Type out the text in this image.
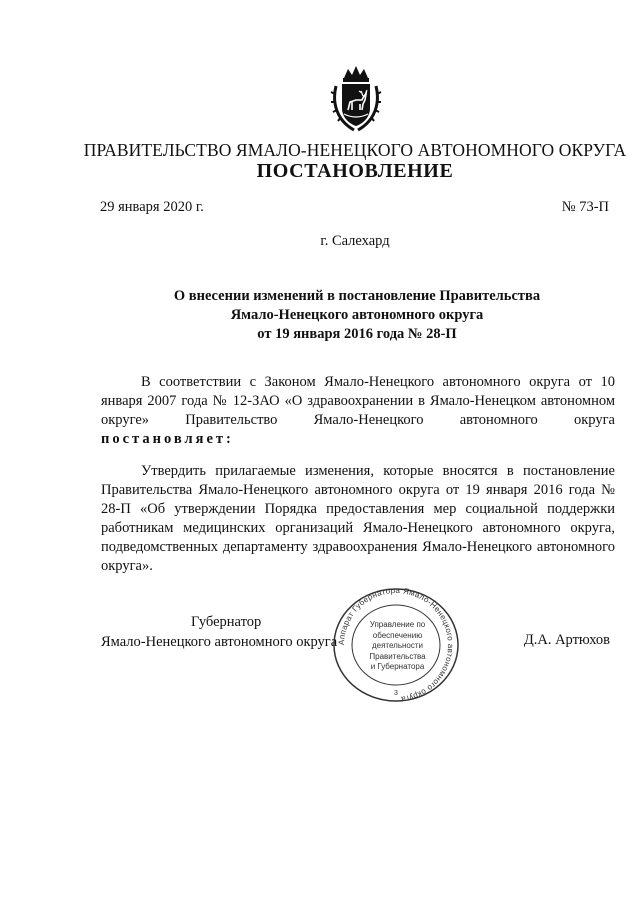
ПРАВИТЕЛЬСТВО ЯМАЛО-НЕНЕЦКОГО АВТОНОМНОГО ОКРУГА
ПОСТАНОВЛЕНИЕ
29 января 2020 г.	№ 73-П
г. Салехард
О внесении изменений в постановление Правительства
Ямало-Ненецкого автономного округа
от 19 января 2016 года № 28-П
В соответствии с Законом Ямало-Ненецкого автономного округа от 10 января 2007 года № 12-ЗАО «О здравоохранении в Ямало-Ненецком автономном округе» Правительство Ямало-Ненецкого автономного округа постановляет:
Утвердить прилагаемые изменения, которые вносятся в постановление Правительства Ямало-Ненецкого автономного округа от 19 января 2016 года № 28-П «Об утверждении Порядка предоставления мер социальной поддержки работникам медицинских организаций Ямало-Ненецкого автономного округа, подведомственных департаменту здравоохранения Ямало-Ненецкого автономного округа».
Губернатор
Ямало-Ненецкого автономного округа Аппарат Губернатора Ямало-Ненецкого автономного округа
3
Управление по
обеспечению
деятельности
Правительства
и Губернатора
Д.А. Артюхов
